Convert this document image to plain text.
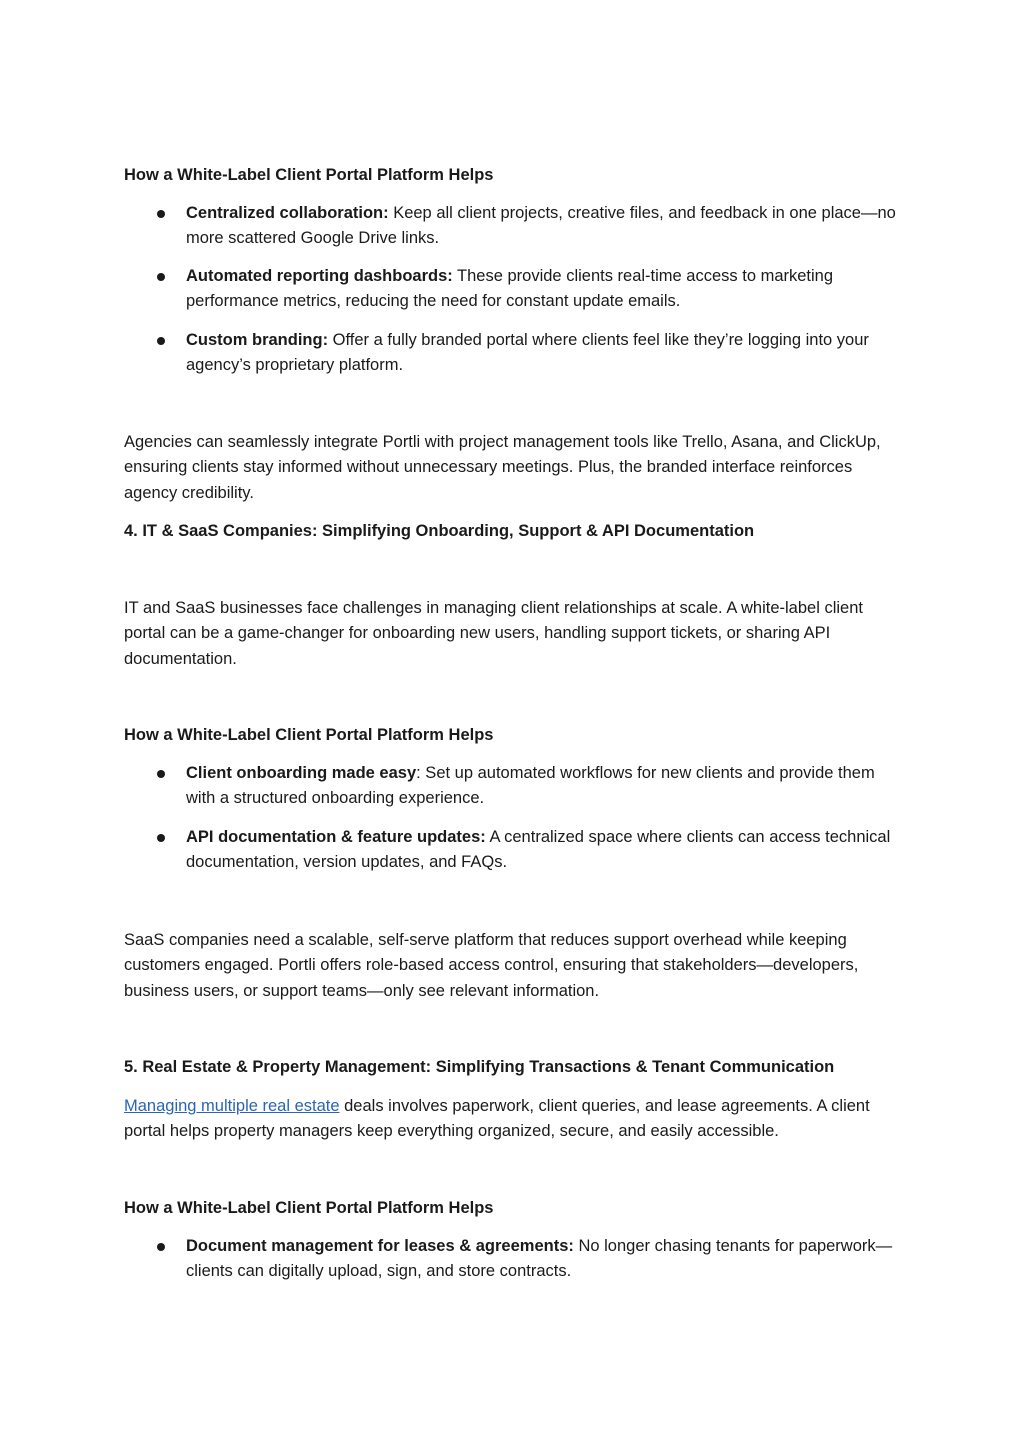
How a White-Label Client Portal Platform Helps

Centralized collaboration: Keep all client projects, creative files, and feedback in one place—no more scattered Google Drive links.

Automated reporting dashboards: These provide clients real-time access to marketing performance metrics, reducing the need for constant update emails.

Custom branding: Offer a fully branded portal where clients feel like they’re logging into your agency’s proprietary platform.

Agencies can seamlessly integrate Portli with project management tools like Trello, Asana, and ClickUp, ensuring clients stay informed without unnecessary meetings. Plus, the branded interface reinforces agency credibility.

4. IT & SaaS Companies: Simplifying Onboarding, Support & API Documentation

IT and SaaS businesses face challenges in managing client relationships at scale. A white-label client portal can be a game-changer for onboarding new users, handling support tickets, or sharing API documentation.

How a White-Label Client Portal Platform Helps

Client onboarding made easy: Set up automated workflows for new clients and provide them with a structured onboarding experience.

API documentation & feature updates: A centralized space where clients can access technical documentation, version updates, and FAQs.

SaaS companies need a scalable, self-serve platform that reduces support overhead while keeping customers engaged. Portli offers role-based access control, ensuring that stakeholders—developers, business users, or support teams—only see relevant information.

5. Real Estate & Property Management: Simplifying Transactions & Tenant Communication

Managing multiple real estate deals involves paperwork, client queries, and lease agreements. A client portal helps property managers keep everything organized, secure, and easily accessible.

How a White-Label Client Portal Platform Helps

Document management for leases & agreements: No longer chasing tenants for paperwork—clients can digitally upload, sign, and store contracts.
